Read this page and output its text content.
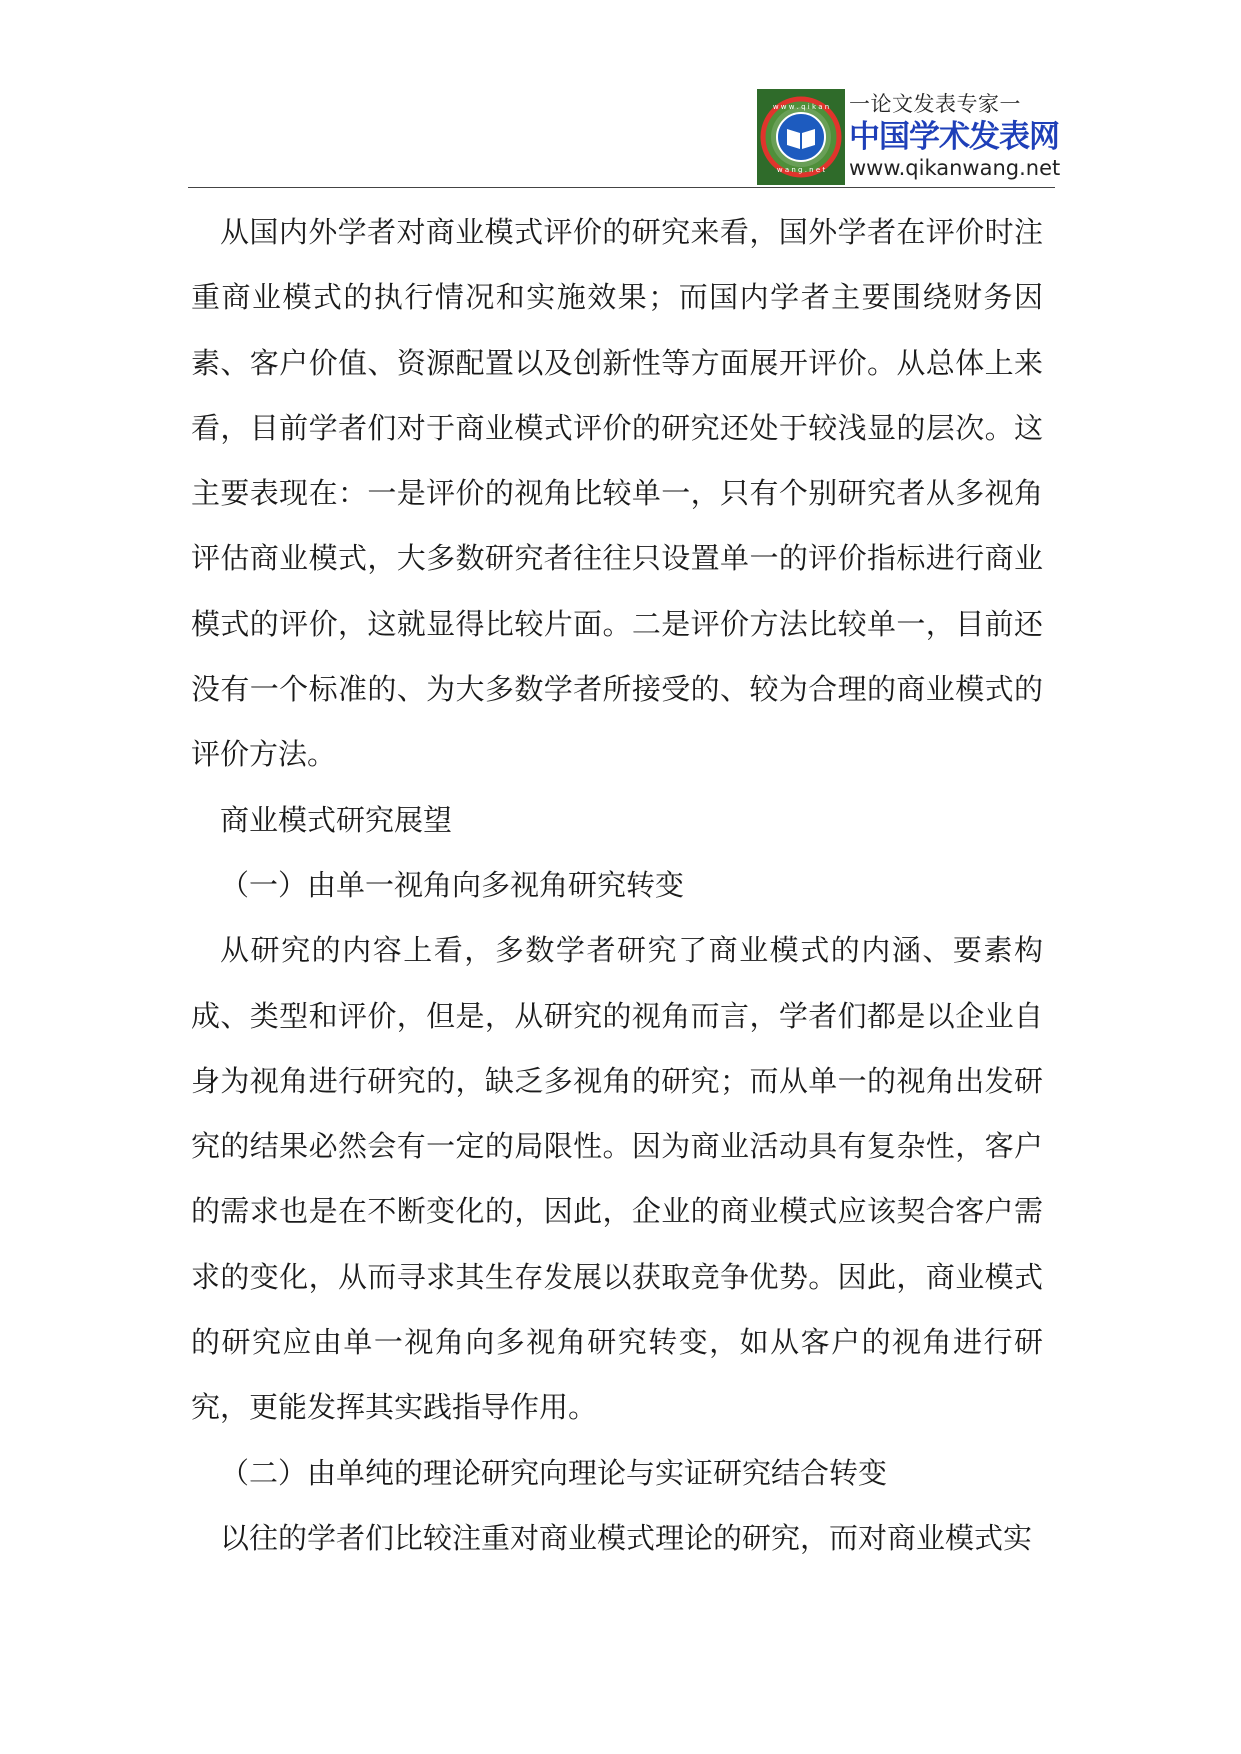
w w w . q i k a n
w a n g . n e t
一论文发表专家一
中国学术发表网
www.qikanwang.net

从国内外学者对商业模式评价的研究来看，国外学者在评价时注重商业模式的执行情况和实施效果；而国内学者主要围绕财务因素、客户价值、资源配置以及创新性等方面展开评价。从总体上来看，目前学者们对于商业模式评价的研究还处于较浅显的层次。这主要表现在：一是评价的视角比较单一，只有个别研究者从多视角评估商业模式，大多数研究者往往只设置单一的评价指标进行商业模式的评价，这就显得比较片面。二是评价方法比较单一，目前还没有一个标准的、为大多数学者所接受的、较为合理的商业模式的评价方法。

商业模式研究展望

（一）由单一视角向多视角研究转变

从研究的内容上看，多数学者研究了商业模式的内涵、要素构成、类型和评价，但是，从研究的视角而言，学者们都是以企业自身为视角进行研究的，缺乏多视角的研究；而从单一的视角出发研究的结果必然会有一定的局限性。因为商业活动具有复杂性，客户的需求也是在不断变化的，因此，企业的商业模式应该契合客户需求的变化，从而寻求其生存发展以获取竞争优势。因此，商业模式的研究应由单一视角向多视角研究转变，如从客户的视角进行研究，更能发挥其实践指导作用。

（二）由单纯的理论研究向理论与实证研究结合转变

以往的学者们比较注重对商业模式理论的研究，而对商业模式实
